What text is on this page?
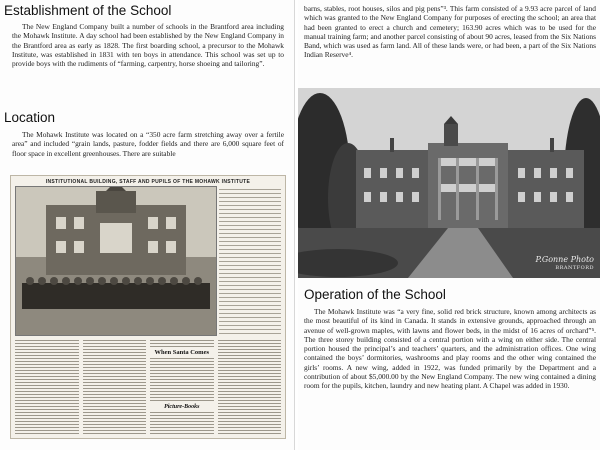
Establishment of the School

The New England Company built a number of schools in the Brantford area including the Mohawk Institute. A day school had been established by the New England Company in the Brantford area as early as 1828. The first boarding school, a precursor to the Mohawk Institute, was established in 1831 with ten boys in attendance. This school was set up to provide boys with the rudiments of “farming, carpentry, horse shoeing and tailoring”.

Location

The Mohawk Institute was located on a “350 acre farm stretching away over a fertile area” and included “grain lands, pasture, fodder fields and there are 6,000 square feet of floor space in excellent greenhouses. There are suitable

INSTITUTIONAL BUILDING, STAFF AND PUPILS OF THE MOHAWK INSTITUTE
When Santa Comes
Picture-Books

barns, stables, root houses, silos and pig pens”³. This farm consisted of a 9.93 acre parcel of land which was granted to the New England Company for purposes of erecting the school; an area that had been granted to erect a church and cemetery; 163.90 acres which was to be used for the manual training farm; and another parcel consisting of about 90 acres, leased from the Six Nations Band, which was used as farm land. All of these lands were, or had been, a part of the Six Nations Indian Reserve⁴.

P.Gonne Photo
BRANTFORD
Operation of the School

The Mohawk Institute was “a very fine, solid red brick structure, known among architects as the most beautiful of its kind in Canada. It stands in extensive grounds, approached through an avenue of well-grown maples, with lawns and flower beds, in the midst of 16 acres of orchard”⁵. The three storey building consisted of a central portion with a wing on either side. The central portion housed the principal’s and teachers’ quarters, and the administration offices. One wing contained the boys’ dormitories, washrooms and play rooms and the other wing contained the girls’ rooms. A new wing, added in 1922, was funded primarily by the Department and a contribution of about $5,000.00 by the New England Company. The new wing contained a dining room for the pupils, kitchen, laundry and new heating plant. A Chapel was added in 1930.
